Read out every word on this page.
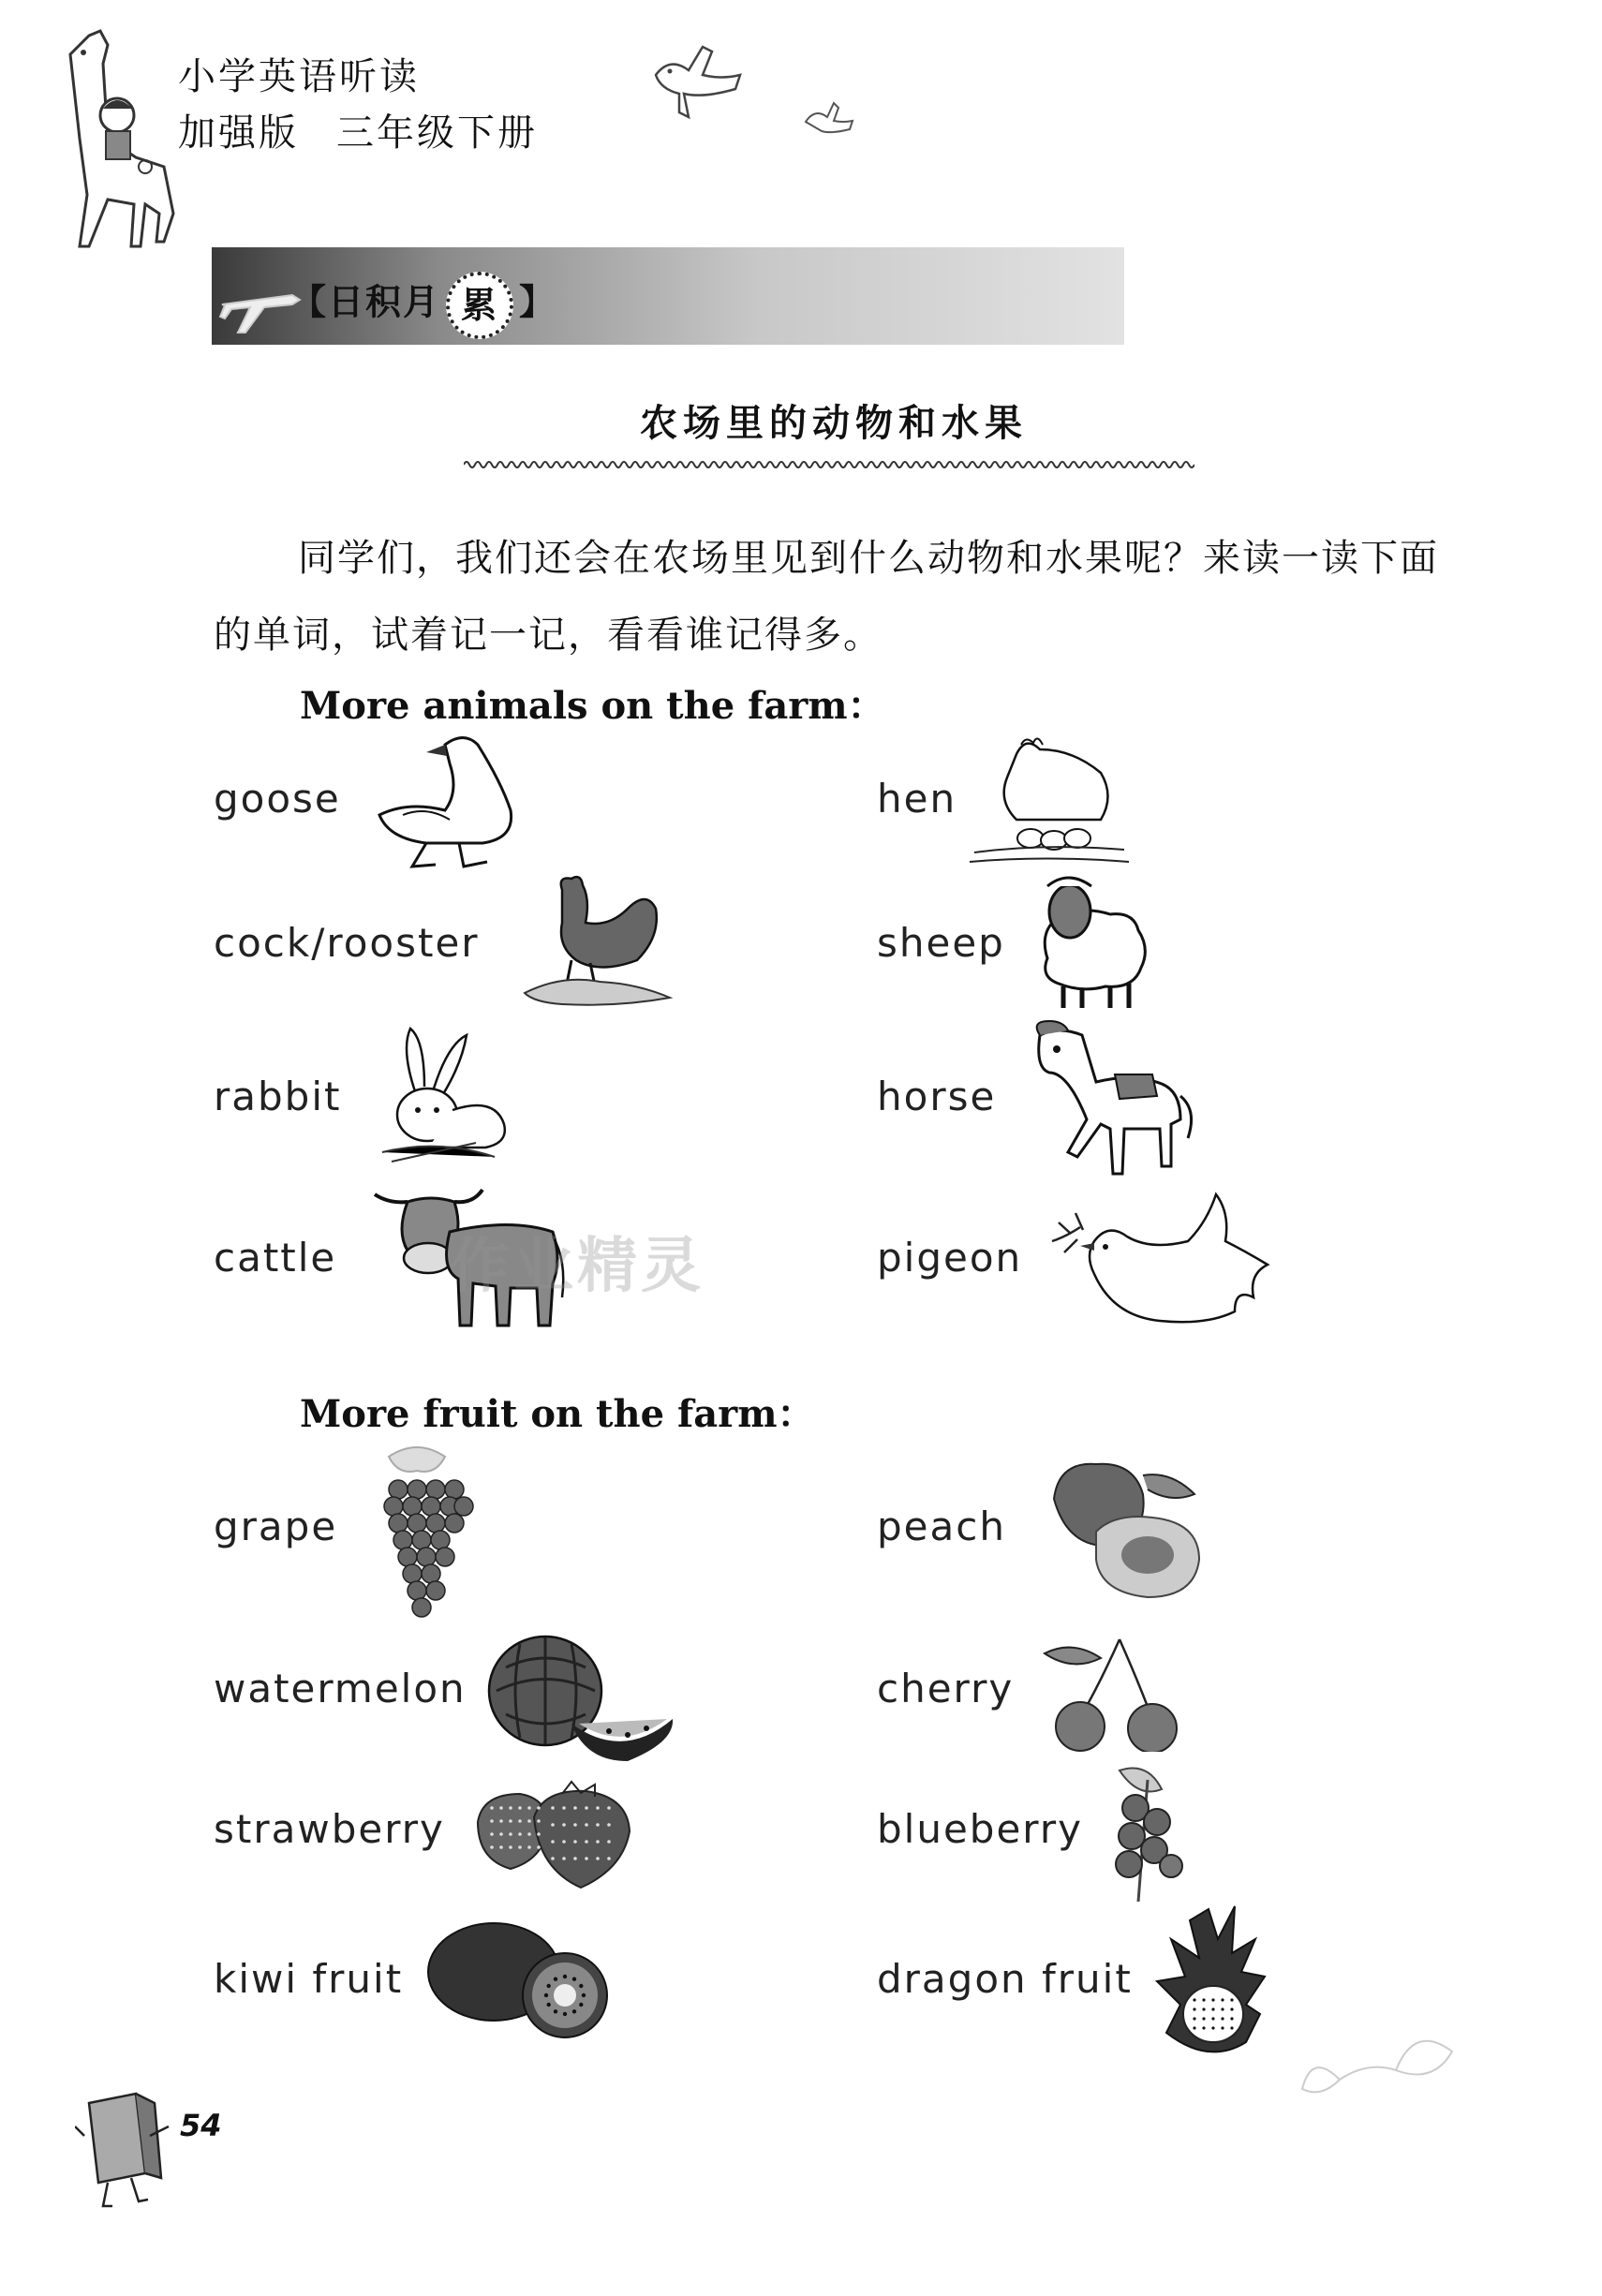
小学英语听读
加强版 三年级下册
【日积月 累 】
农场里的动物和水果
同学们，我们还会在农场里见到什么动物和水果呢？来读一读下面的单词，试着记一记，看看谁记得多。
More animals on the farm：
goose	hen
cock/rooster	sheep
rabbit	horse
cattle	pigeon
作业精灵
More fruit on the farm：
grape	peach
watermelon	cherry
strawberry	blueberry
kiwi fruit	dragon fruit
54
